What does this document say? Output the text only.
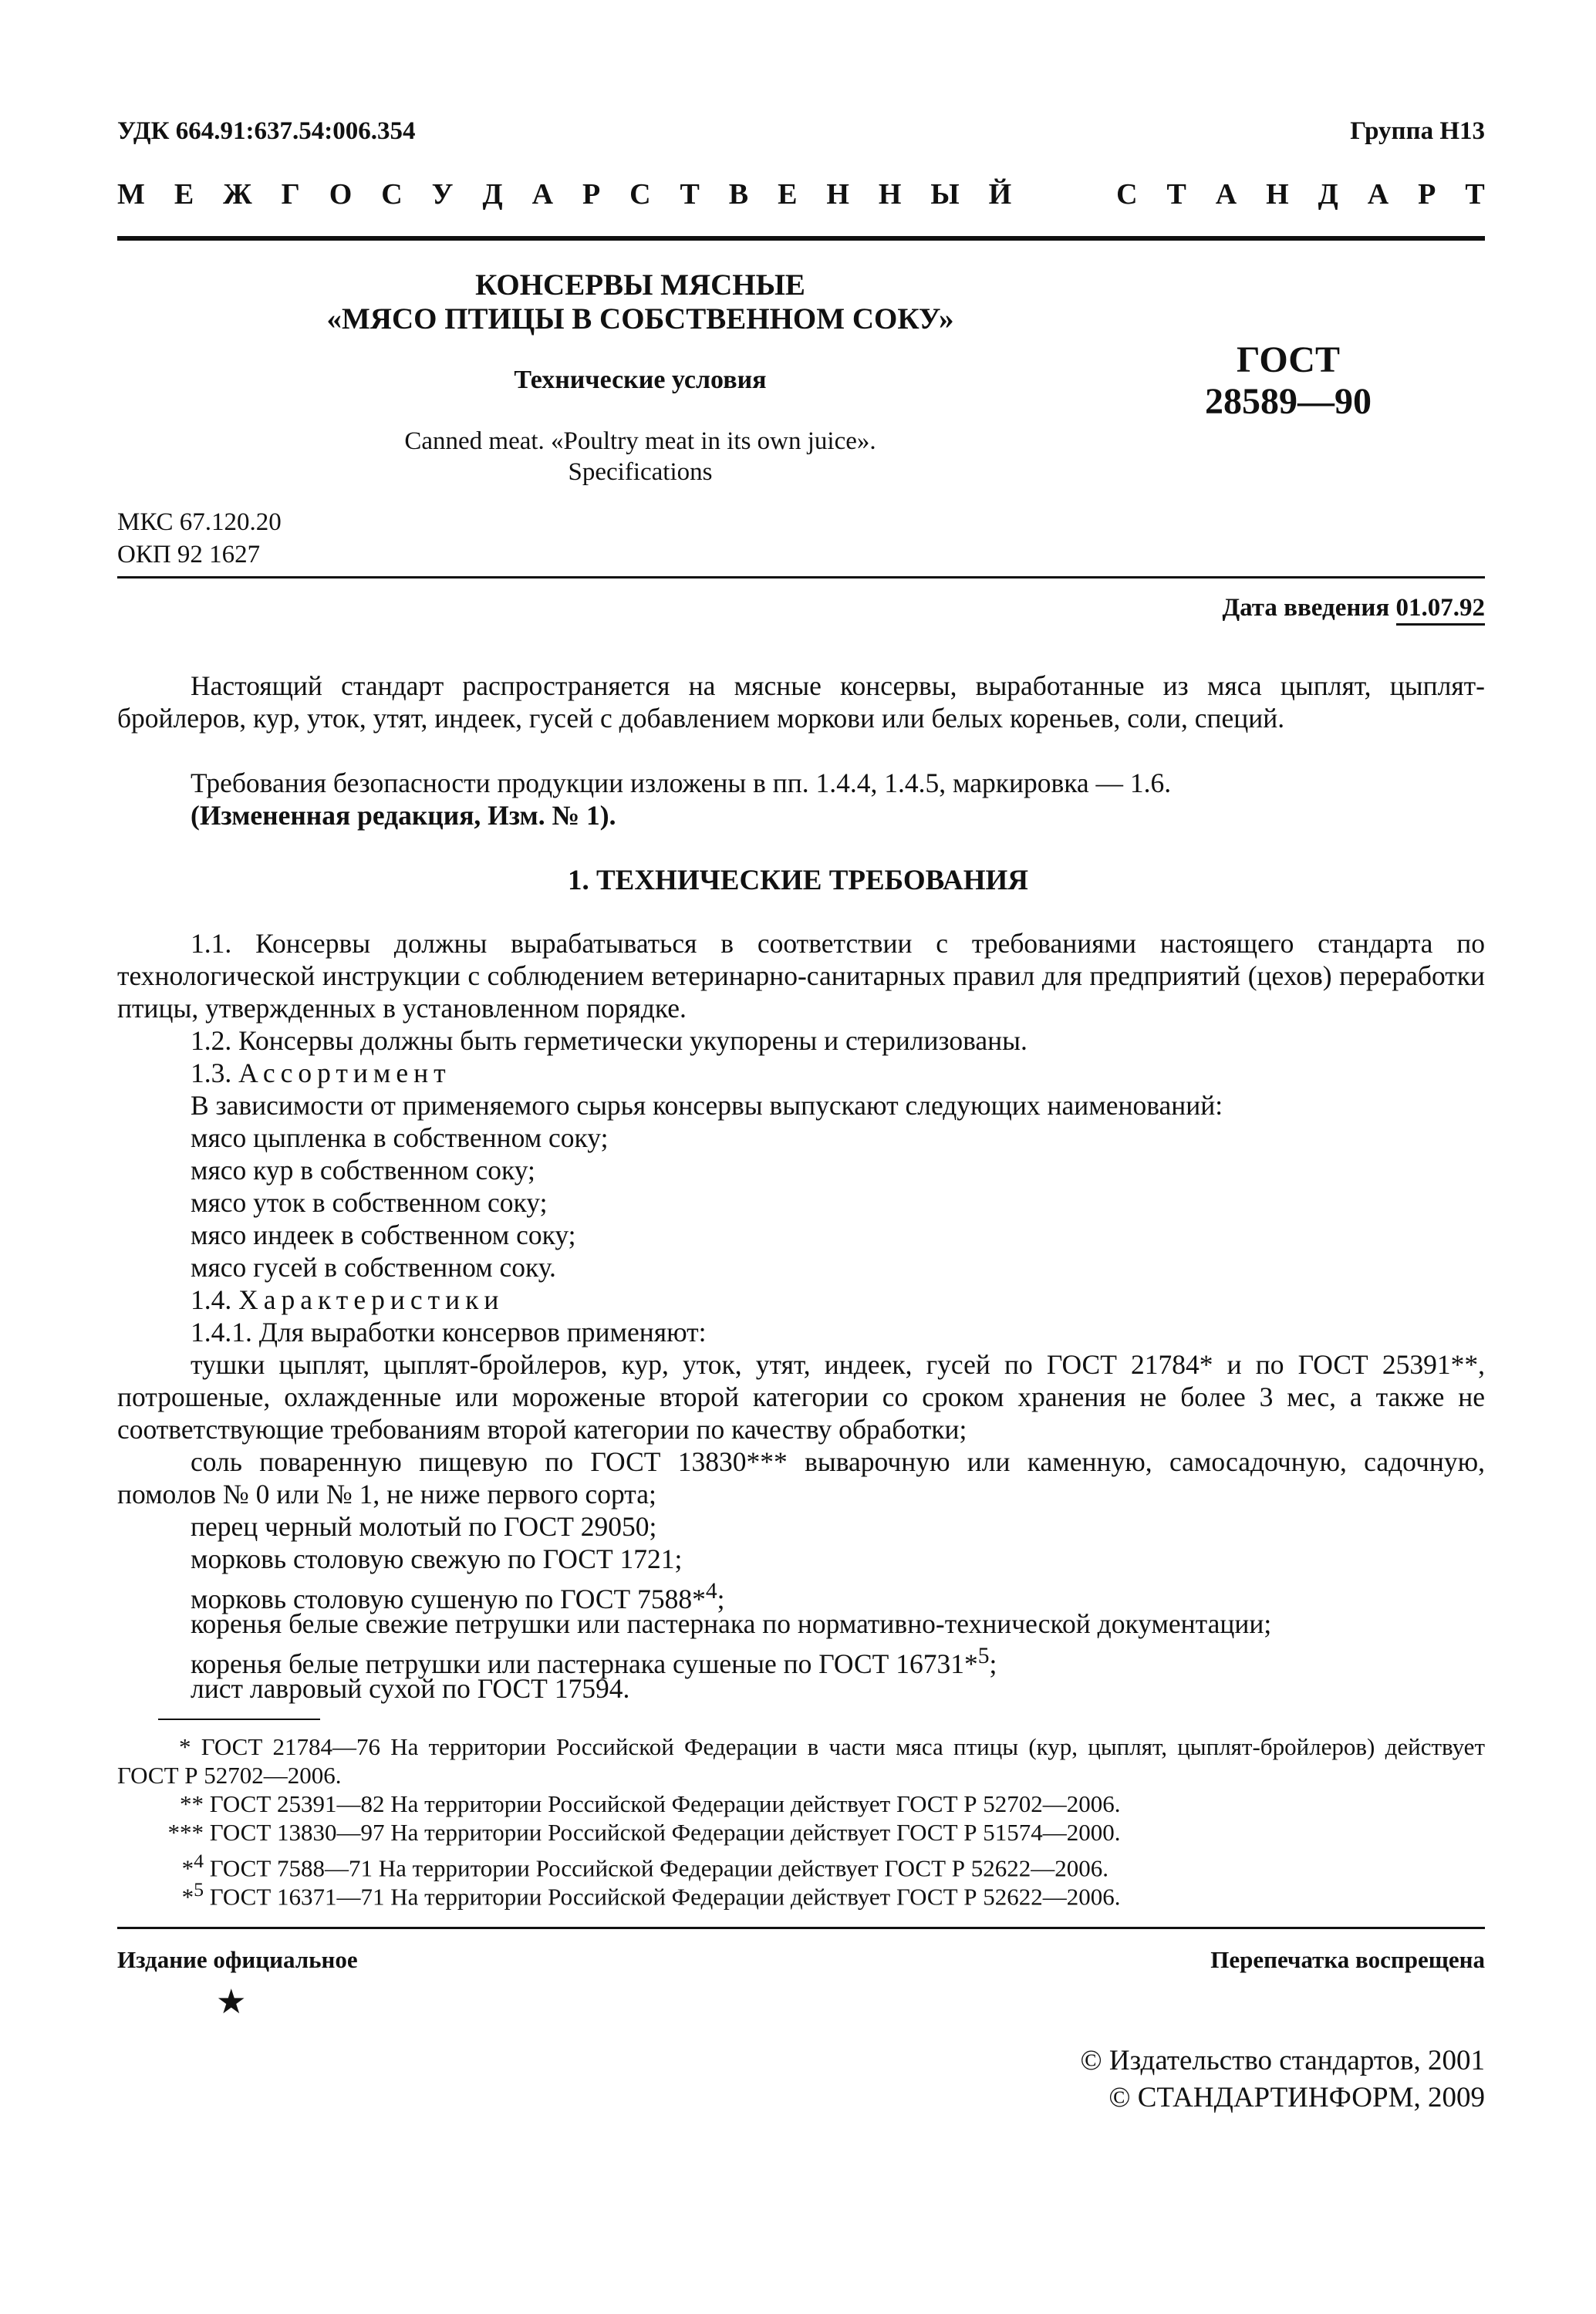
УДК 664.91:637.54:006.354	Группа Н13
М Е Ж Г О С У Д А Р С Т В Е Н Н Ы Й	С Т А Н Д А Р Т
КОНСЕРВЫ МЯСНЫЕ
«МЯСО ПТИЦЫ В СОБСТВЕННОМ СОКУ»
Технические условия
Canned meat. «Poultry meat in its own juice».
Specifications
ГОСТ
28589—90
МКС 67.120.20
ОКП 92 1627
Дата введения 01.07.92
Настоящий стандарт распространяется на мясные консервы, выработанные из мяса цыплят, цыплят-бройлеров, кур, уток, утят, индеек, гусей с добавлением моркови или белых кореньев, соли, специй.
Требования безопасности продукции изложены в пп. 1.4.4, 1.4.5, маркировка — 1.6.
(Измененная редакция, Изм. № 1).
1. ТЕХНИЧЕСКИЕ ТРЕБОВАНИЯ
1.1. Консервы должны вырабатываться в соответствии с требованиями настоящего стандарта по технологической инструкции с соблюдением ветеринарно-санитарных правил для предприятий (цехов) переработки птицы, утвержденных в установленном порядке.
1.2. Консервы должны быть герметически укупорены и стерилизованы.
1.3. Ассортимент
В зависимости от применяемого сырья консервы выпускают следующих наименований:
мясо цыпленка в собственном соку;
мясо кур в собственном соку;
мясо уток в собственном соку;
мясо индеек в собственном соку;
мясо гусей в собственном соку.
1.4. Характеристики
1.4.1. Для выработки консервов применяют:
тушки цыплят, цыплят-бройлеров, кур, уток, утят, индеек, гусей по ГОСТ 21784* и по ГОСТ 25391**, потрошеные, охлажденные или мороженые второй категории со сроком хранения не более 3 мес, а также не соответствующие требованиям второй категории по качеству обработки;
соль поваренную пищевую по ГОСТ 13830*** выварочную или каменную, самосадочную, садочную, помолов № 0 или № 1, не ниже первого сорта;
перец черный молотый по ГОСТ 29050;
морковь столовую свежую по ГОСТ 1721;
морковь столовую сушеную по ГОСТ 7588*$^4$;
коренья белые свежие петрушки или пастернака по нормативно-технической документации;
коренья белые петрушки или пастернака сушеные по ГОСТ 16731*$^5$;
лист лавровый сухой по ГОСТ 17594.
* ГОСТ 21784—76 На территории Российской Федерации в части мяса птицы (кур, цыплят, цыплят-бройлеров) действует ГОСТ Р 52702—2006.
** ГОСТ 25391—82 На территории Российской Федерации действует ГОСТ Р 52702—2006.
*** ГОСТ 13830—97 На территории Российской Федерации действует ГОСТ Р 51574—2000.
*$^4$ ГОСТ 7588—71 На территории Российской Федерации действует ГОСТ Р 52622—2006.
*$^5$ ГОСТ 16371—71 На территории Российской Федерации действует ГОСТ Р 52622—2006.
Издание официальное	Перепечатка воспрещена
★
© Издательство стандартов, 2001
© СТАНДАРТИНФОРМ, 2009
